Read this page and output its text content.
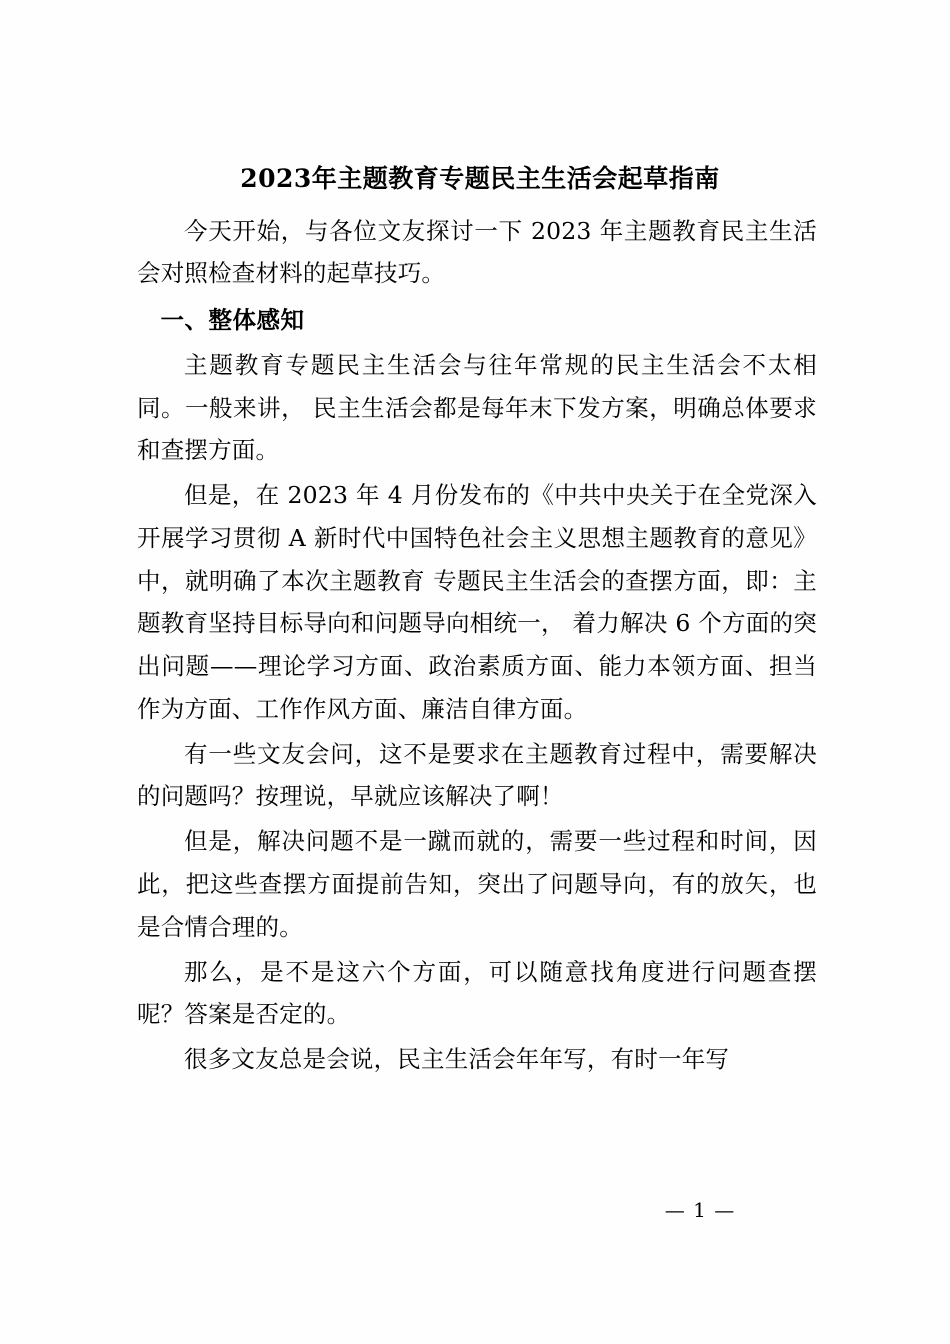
2023年主题教育专题民主生活会起草指南

今天开始，与各位文友探讨一下 2023 年主题教育民主生活会对照检查材料的起草技巧。

一、整体感知

主题教育专题民主生活会与往年常规的民主生活会不太相同。一般来讲， 民主生活会都是每年末下发方案，明确总体要求和查摆方面。

但是，在 2023 年 4 月份发布的《中共中央关于在全党深入开展学习贯彻 A 新时代中国特色社会主义思想主题教育的意见》中，就明确了本次主题教育 专题民主生活会的查摆方面，即：主题教育坚持目标导向和问题导向相统一， 着力解决 6 个方面的突出问题——理论学习方面、政治素质方面、能力本领方面、担当作为方面、工作作风方面、廉洁自律方面。

有一些文友会问，这不是要求在主题教育过程中，需要解决的问题吗？按理说，早就应该解决了啊！

但是，解决问题不是一蹴而就的，需要一些过程和时间，因此，把这些查摆方面提前告知，突出了问题导向，有的放矢，也是合情合理的。

那么，是不是这六个方面，可以随意找角度进行问题查摆呢？答案是否定的。

很多文友总是会说，民主生活会年年写，有时一年写

— 1 —
